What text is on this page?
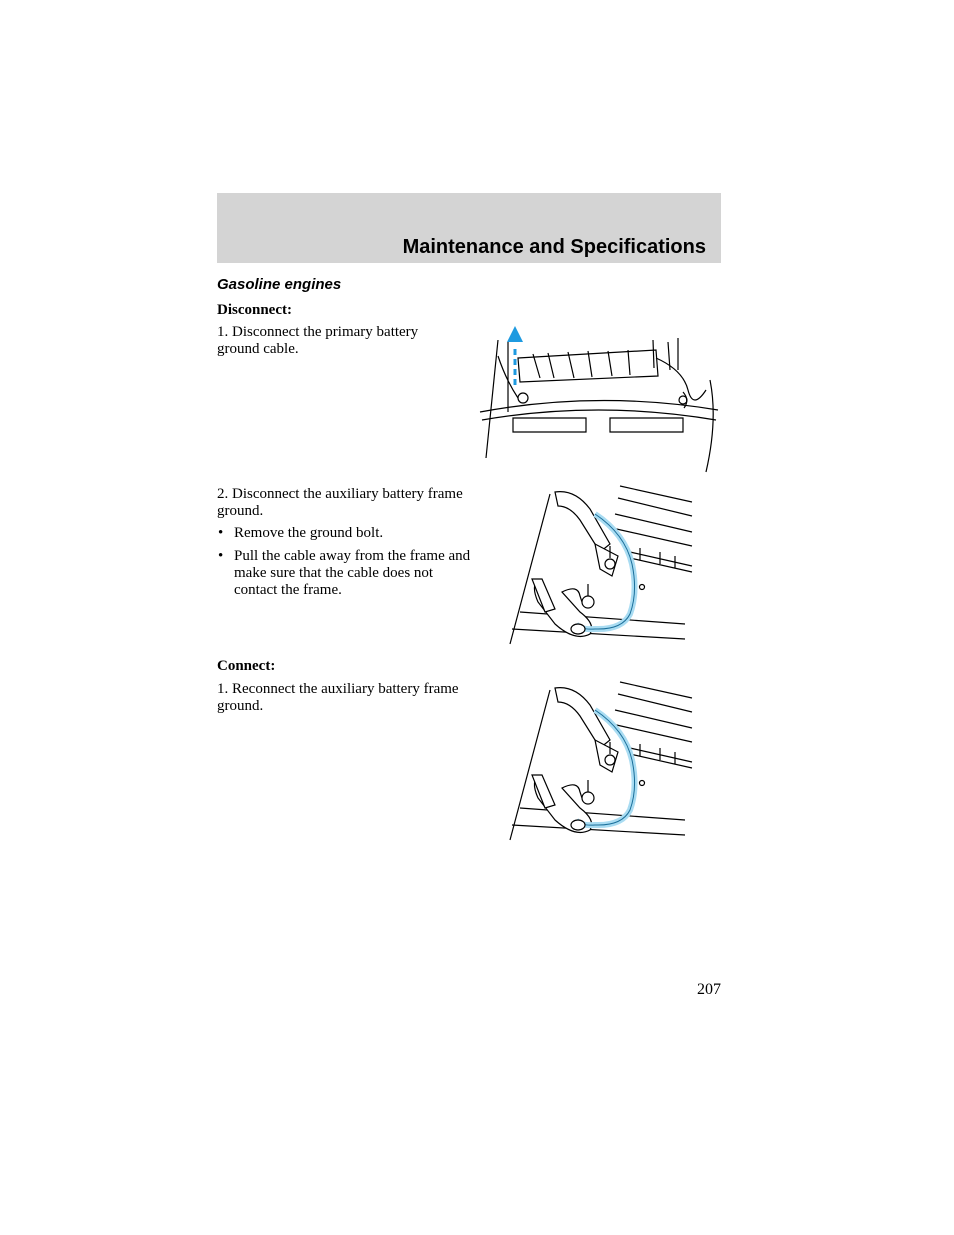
Maintenance and Specifications
Gasoline engines
Disconnect:
1. Disconnect the primary battery ground cable.
2. Disconnect the auxiliary battery frame ground.
• Remove the ground bolt.
• Pull the cable away from the frame and make sure that the cable does not contact the frame.
Connect:
1. Reconnect the auxiliary battery frame ground.
207
